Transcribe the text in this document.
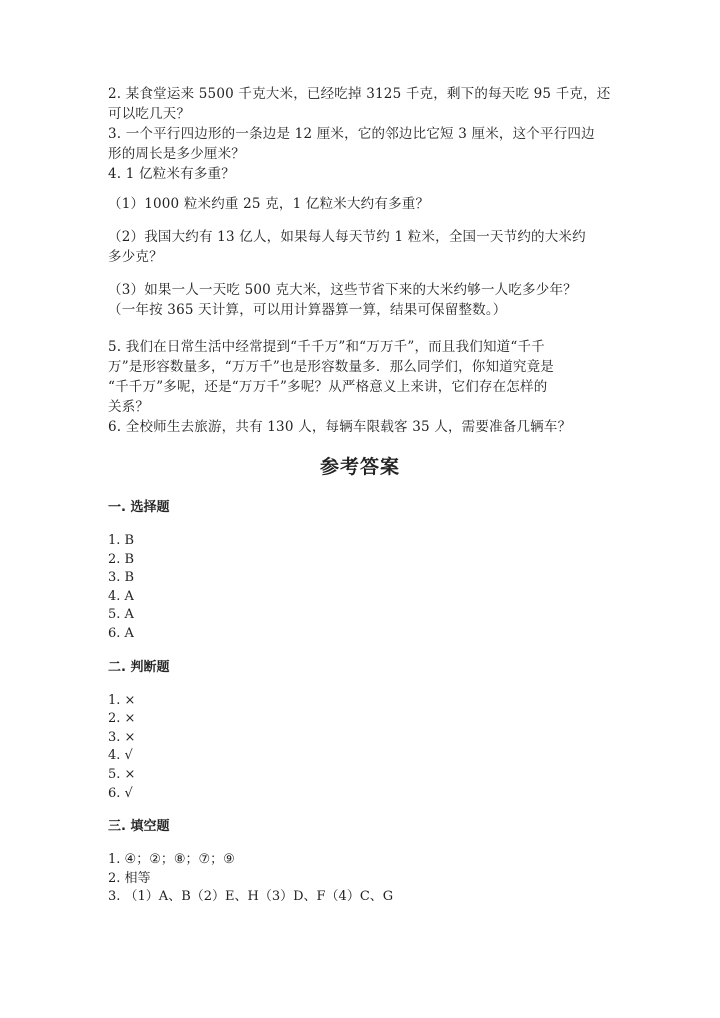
2. 某食堂运来 5500 千克大米，已经吃掉 3125 千克，剩下的每天吃 95 千克，还
可以吃几天？
3. 一个平行四边形的一条边是 12 厘米，它的邻边比它短 3 厘米，这个平行四边
形的周长是多少厘米？
4. 1 亿粒米有多重？
（1）1000 粒米约重 25 克，1 亿粒米大约有多重？
（2）我国大约有 13 亿人，如果每人每天节约 1 粒米，全国一天节约的大米约
多少克？
（3）如果一人一天吃 500 克大米，这些节省下来的大米约够一人吃多少年？
（一年按 365 天计算，可以用计算器算一算，结果可保留整数。）
5. 我们在日常生活中经常提到“千千万”和“万万千”，而且我们知道“千千
万”是形容数量多，“万万千”也是形容数量多．那么同学们，你知道究竟是
“千千万”多呢，还是“万万千”多呢？从严格意义上来讲，它们存在怎样的
关系？
6. 全校师生去旅游，共有 130 人，每辆车限载客 35 人，需要准备几辆车？
参考答案
一. 选择题
1. B
2. B
3. B
4. A
5. A
6. A
二. 判断题
1. ×
2. ×
3. ×
4. √
5. ×
6. √
三. 填空题
1. ④；②；⑧；⑦；⑨
2. 相等
3. （1）A、B（2）E、H（3）D、F（4）C、G
